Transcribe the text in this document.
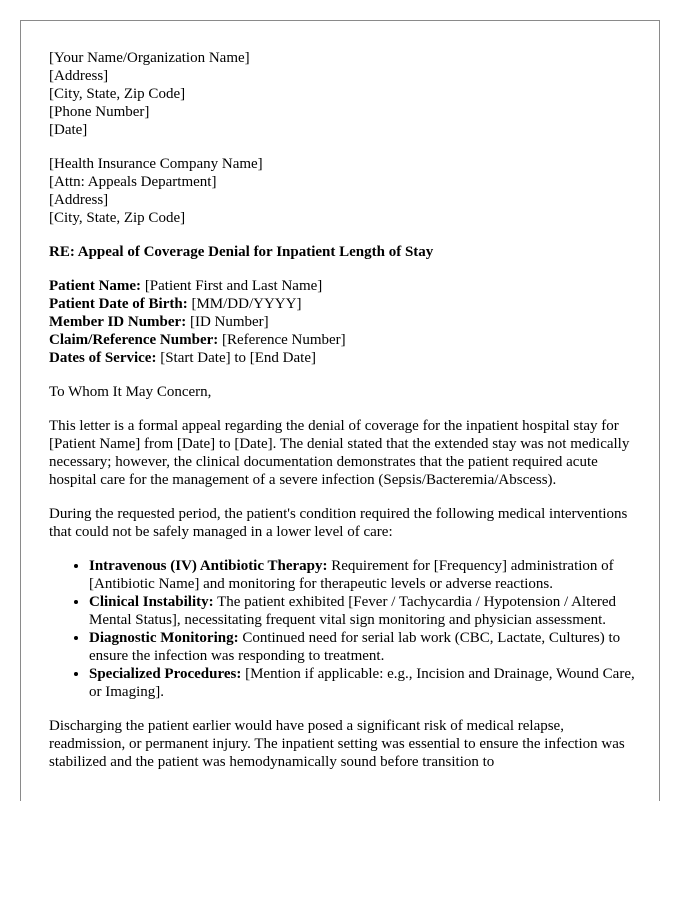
[Your Name/Organization Name]
[Address]
[City, State, Zip Code]
[Phone Number]
[Date]
[Health Insurance Company Name]
[Attn: Appeals Department]
[Address]
[City, State, Zip Code]
RE: Appeal of Coverage Denial for Inpatient Length of Stay
Patient Name: [Patient First and Last Name]
Patient Date of Birth: [MM/DD/YYYY]
Member ID Number: [ID Number]
Claim/Reference Number: [Reference Number]
Dates of Service: [Start Date] to [End Date]

To Whom It May Concern,

This letter is a formal appeal regarding the denial of coverage for the inpatient hospital stay for [Patient Name] from [Date] to [Date]. The denial stated that the extended stay was not medically necessary; however, the clinical documentation demonstrates that the patient required acute hospital care for the management of a severe infection (Sepsis/Bacteremia/Abscess).

During the requested period, the patient's condition required the following medical interventions that could not be safely managed in a lower level of care:

• Intravenous (IV) Antibiotic Therapy: Requirement for [Frequency] administration of [Antibiotic Name] and monitoring for therapeutic levels or adverse reactions.
• Clinical Instability: The patient exhibited [Fever / Tachycardia / Hypotension / Altered Mental Status], necessitating frequent vital sign monitoring and physician assessment.
• Diagnostic Monitoring: Continued need for serial lab work (CBC, Lactate, Cultures) to ensure the infection was responding to treatment.
• Specialized Procedures: [Mention if applicable: e.g., Incision and Drainage, Wound Care, or Imaging].

Discharging the patient earlier would have posed a significant risk of medical relapse, readmission, or permanent injury. The inpatient setting was essential to ensure the infection was stabilized and the patient was hemodynamically sound before transition to
